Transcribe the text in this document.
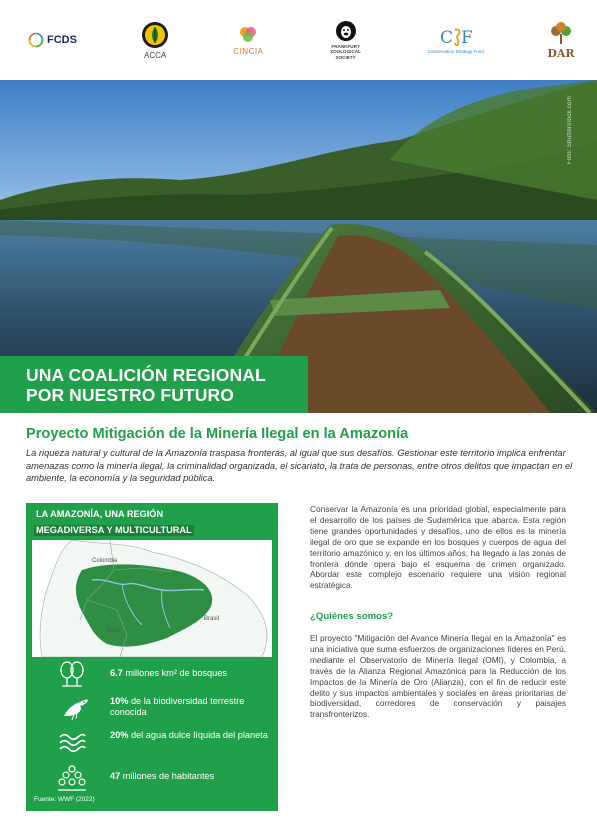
FCDS
ACCA	CINCIA
FRANKFURT ZOOLOGICAL SOCIETY
C F
Conservation Strategy Fund	DAR
Foto: Shutterstock.com
UNA COALICIÓN REGIONAL
POR NUESTRO FUTURO
Proyecto Mitigación de la Minería Ilegal en la Amazonía
La riqueza natural y cultural de la Amazonía traspasa fronteras, al igual que sus desafíos. Gestionar este territorio implica enfrentar amenazas como la minería ilegal, la criminalidad organizada, el sicariato, la trata de personas, entre otros delitos que impactan en el ambiente, la economía y la seguridad pública.
LA AMAZONÍA, UNA REGIÓN
MEGADIVERSA Y MULTICULTURAL
Colombia
Perú
Brasil
6.7 millones km² de bosques
10% de la biodiversidad terrestre conocida
20% del agua dulce líquida del planeta
47 millones de habitantes
Fuente: WWF (2022)
Conservar la Amazonía es una prioridad global, especialmente para el desarrollo de los países de Sudamérica que abarca. Esta región tiene grandes oportunidades y desafíos, uno de ellos es la minería ilegal de oro que se expande en los bosques y cuerpos de agua del territorio amazónico y, en los últimos años, ha llegado a las zonas de frontera dónde opera bajo el esquema de crimen organizado. Abordar este complejo escenario requiere una visión regional estratégica.
¿Quiénes somos?
El proyecto "Mitigación del Avance Minería Ilegal en la Amazonía" es una iniciativa que suma esfuerzos de organizaciones líderes en Perú, mediante el Observatorio de Minería Ilegal (OMI), y Colombia, a través de la Alianza Regional Amazónica para la Reducción de los Impactos de la Minería de Oro (Alianza), con el fin de reducir este delito y sus impactos ambientales y sociales en áreas prioritarias de biodiversidad, corredores de conservación y paisajes transfronterizos.
